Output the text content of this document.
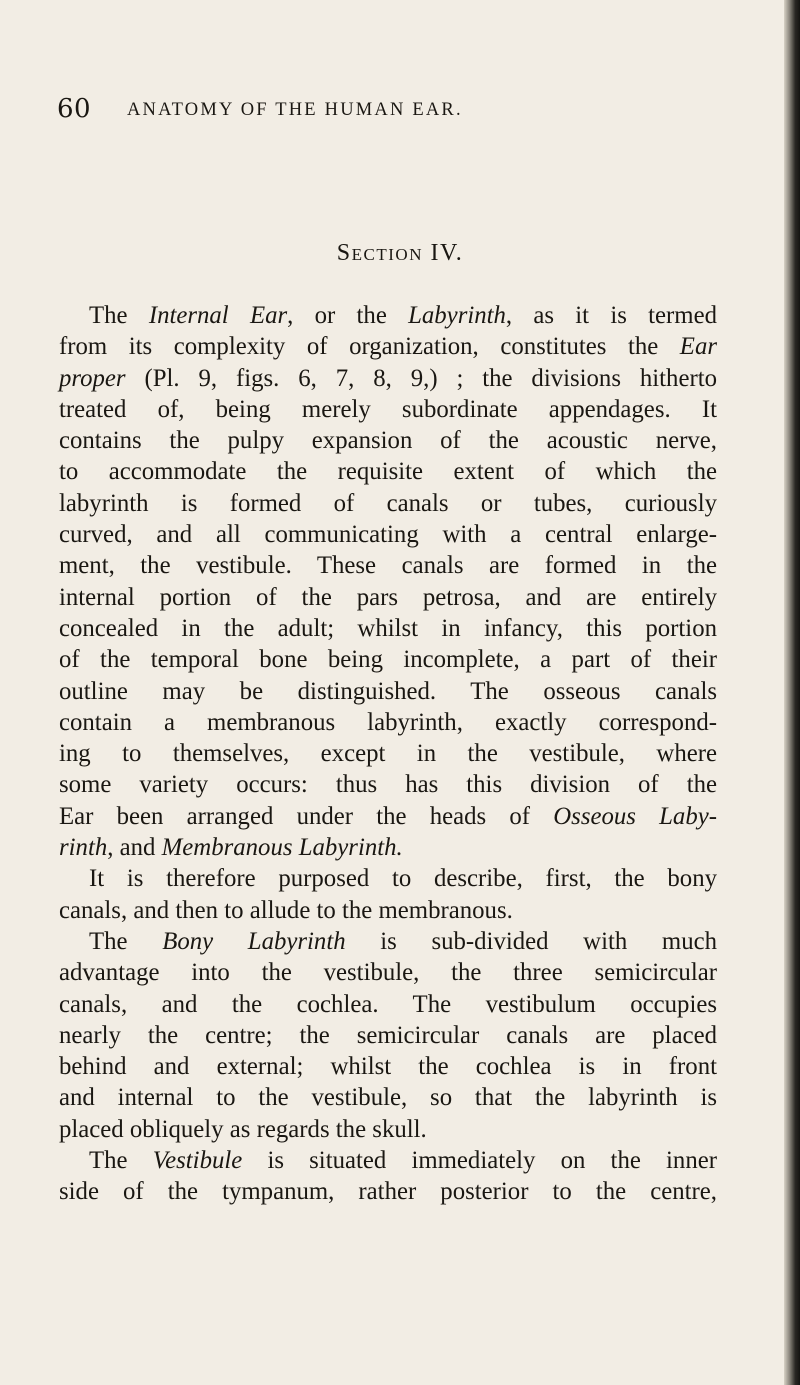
60 ANATOMY OF THE HUMAN EAR.
Section IV.
The Internal Ear, or the Labyrinth, as it is termed
from its complexity of organization, constitutes the Ear
proper (Pl. 9, figs. 6, 7, 8, 9,) ; the divisions hitherto
treated of, being merely subordinate appendages. It
contains the pulpy expansion of the acoustic nerve,
to accommodate the requisite extent of which the
labyrinth is formed of canals or tubes, curiously
curved, and all communicating with a central enlarge-
ment, the vestibule. These canals are formed in the
internal portion of the pars petrosa, and are entirely
concealed in the adult; whilst in infancy, this portion
of the temporal bone being incomplete, a part of their
outline may be distinguished. The osseous canals
contain a membranous labyrinth, exactly correspond-
ing to themselves, except in the vestibule, where
some variety occurs: thus has this division of the
Ear been arranged under the heads of Osseous Laby-
rinth, and Membranous Labyrinth.
It is therefore purposed to describe, first, the bony
canals, and then to allude to the membranous.
The Bony Labyrinth is sub-divided with much
advantage into the vestibule, the three semicircular
canals, and the cochlea. The vestibulum occupies
nearly the centre; the semicircular canals are placed
behind and external; whilst the cochlea is in front
and internal to the vestibule, so that the labyrinth is
placed obliquely as regards the skull.
The Vestibule is situated immediately on the inner
side of the tympanum, rather posterior to the centre,
